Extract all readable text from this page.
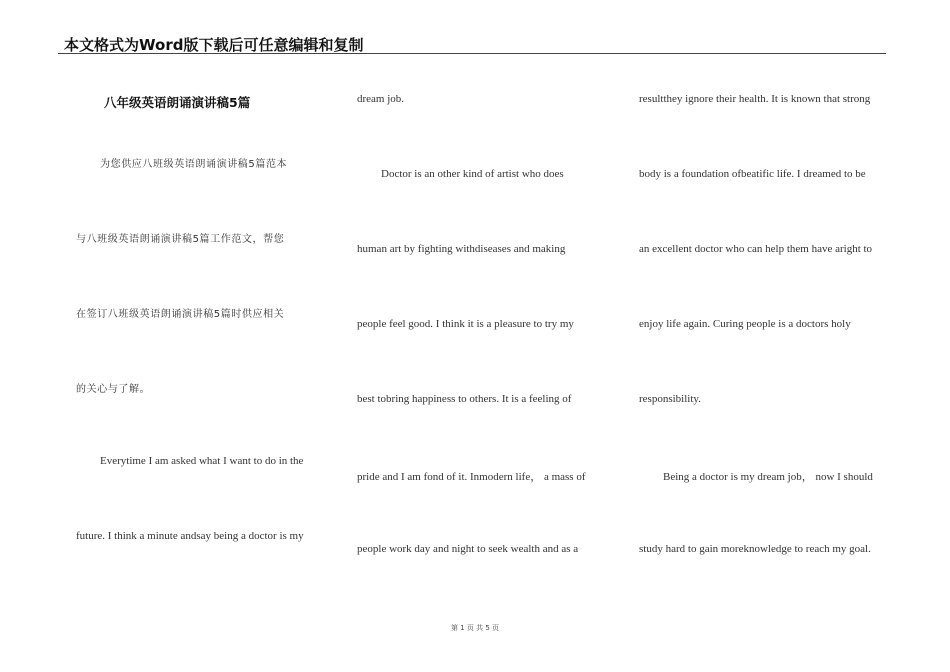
本文格式为Word版下载后可任意编辑和复制
八年级英语朗诵演讲稿5篇
为您供应八班级英语朗诵演讲稿5篇范本
与八班级英语朗诵演讲稿5篇工作范文，帮您
在签订八班级英语朗诵演讲稿5篇时供应相关
的关心与了解。
Everytime I am asked what I want to do in the
future. I think a minute andsay being a doctor is my
dream job.
Doctor is an other kind of artist who does
human art by fighting withdiseases and making
people feel good. I think it is a pleasure to try my
best tobring happiness to others. It is a feeling of
pride and I am fond of it. Inmodern life， a mass of
people work day and night to seek wealth and as a
resultthey ignore their health. It is known that strong
body is a foundation ofbeatific life. I dreamed to be
an excellent doctor who can help them have aright to
enjoy life again. Curing people is a doctors holy
responsibility.
Being a doctor is my dream job， now I should
study hard to gain moreknowledge to reach my goal.
第 1 页 共 5 页
